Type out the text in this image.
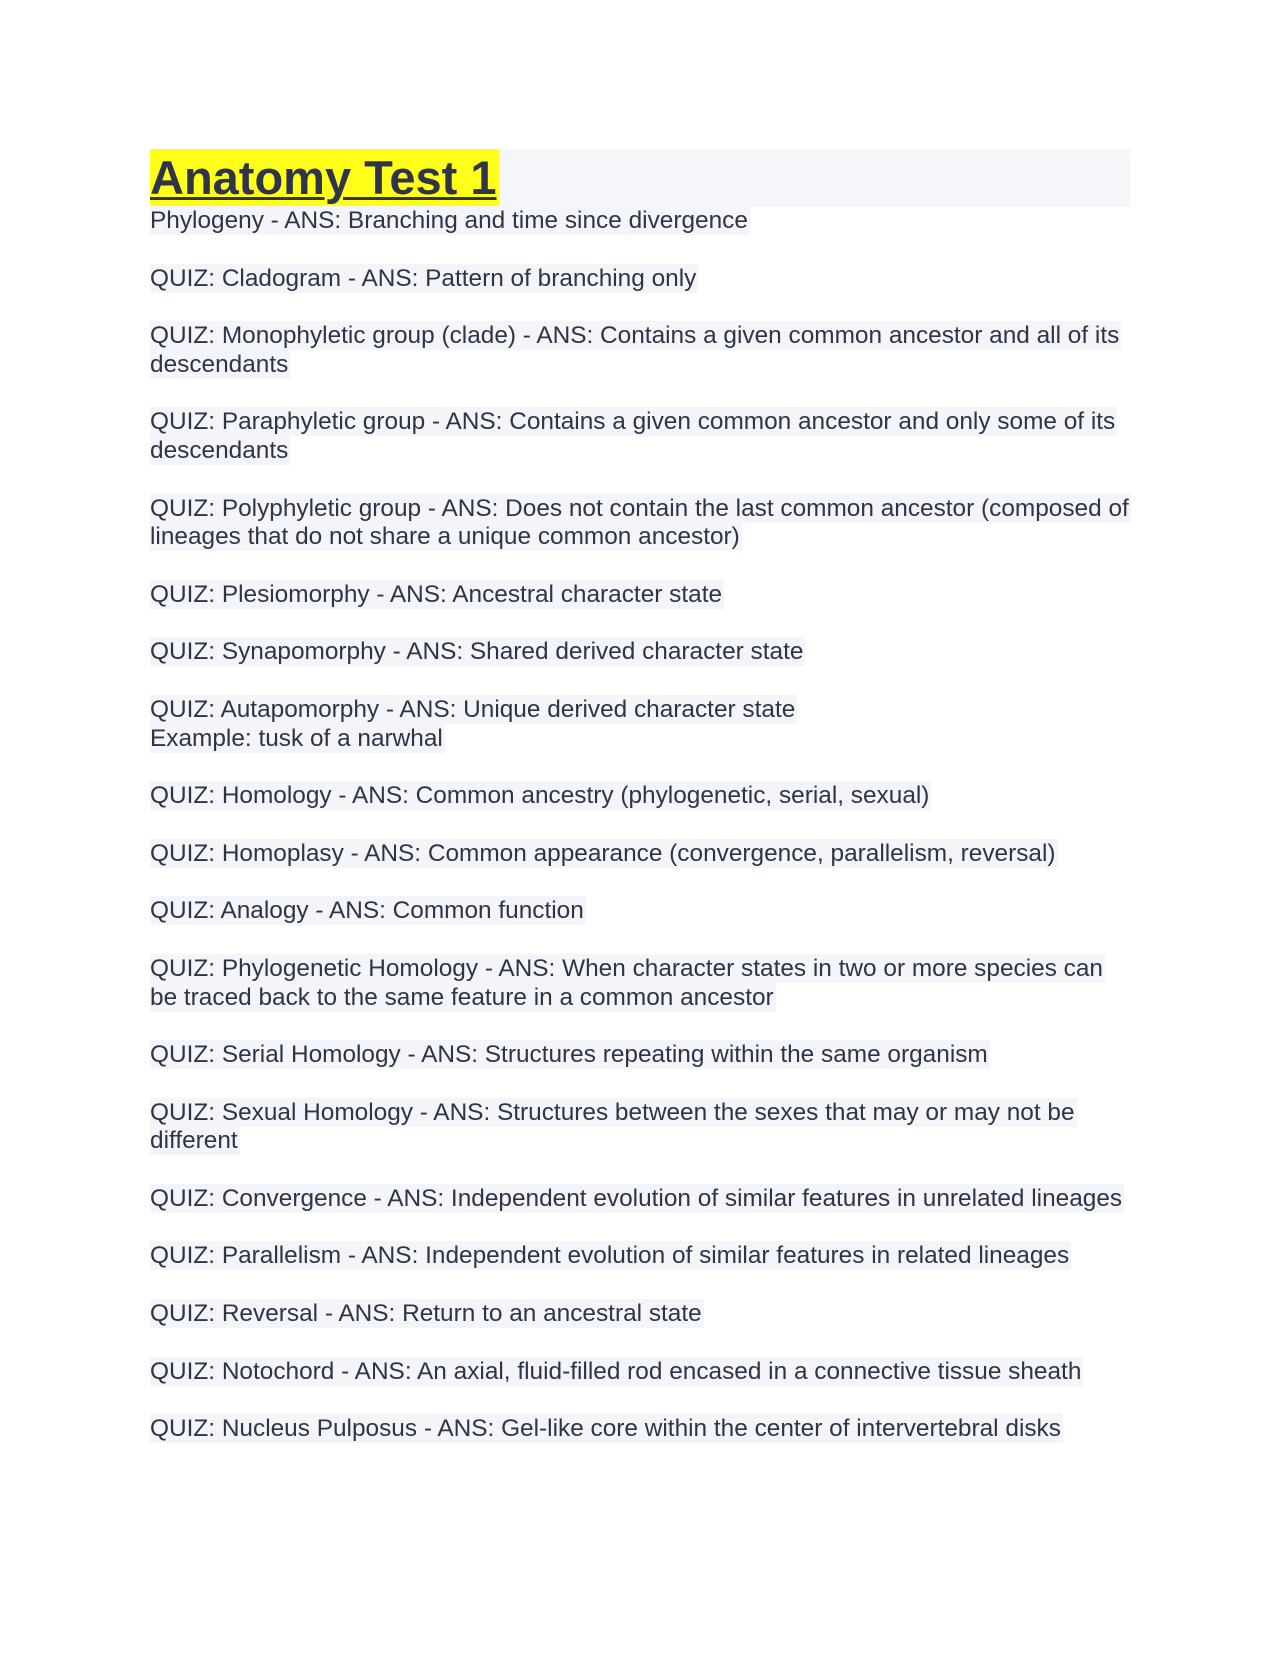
Anatomy Test 1

Phylogeny - ANS: Branching and time since divergence

QUIZ: Cladogram - ANS: Pattern of branching only

QUIZ: Monophyletic group (clade) - ANS: Contains a given common ancestor and all of its descendants

QUIZ: Paraphyletic group - ANS: Contains a given common ancestor and only some of its descendants

QUIZ: Polyphyletic group - ANS: Does not contain the last common ancestor (composed of lineages that do not share a unique common ancestor)

QUIZ: Plesiomorphy - ANS: Ancestral character state

QUIZ: Synapomorphy - ANS: Shared derived character state

QUIZ: Autapomorphy - ANS: Unique derived character state
Example: tusk of a narwhal

QUIZ: Homology - ANS: Common ancestry (phylogenetic, serial, sexual)

QUIZ: Homoplasy - ANS: Common appearance (convergence, parallelism, reversal)

QUIZ: Analogy - ANS: Common function

QUIZ: Phylogenetic Homology - ANS: When character states in two or more species can be traced back to the same feature in a common ancestor

QUIZ: Serial Homology - ANS: Structures repeating within the same organism

QUIZ: Sexual Homology - ANS: Structures between the sexes that may or may not be different

QUIZ: Convergence - ANS: Independent evolution of similar features in unrelated lineages

QUIZ: Parallelism - ANS: Independent evolution of similar features in related lineages

QUIZ: Reversal - ANS: Return to an ancestral state

QUIZ: Notochord - ANS: An axial, fluid-filled rod encased in a connective tissue sheath

QUIZ: Nucleus Pulposus - ANS: Gel-like core within the center of intervertebral disks
